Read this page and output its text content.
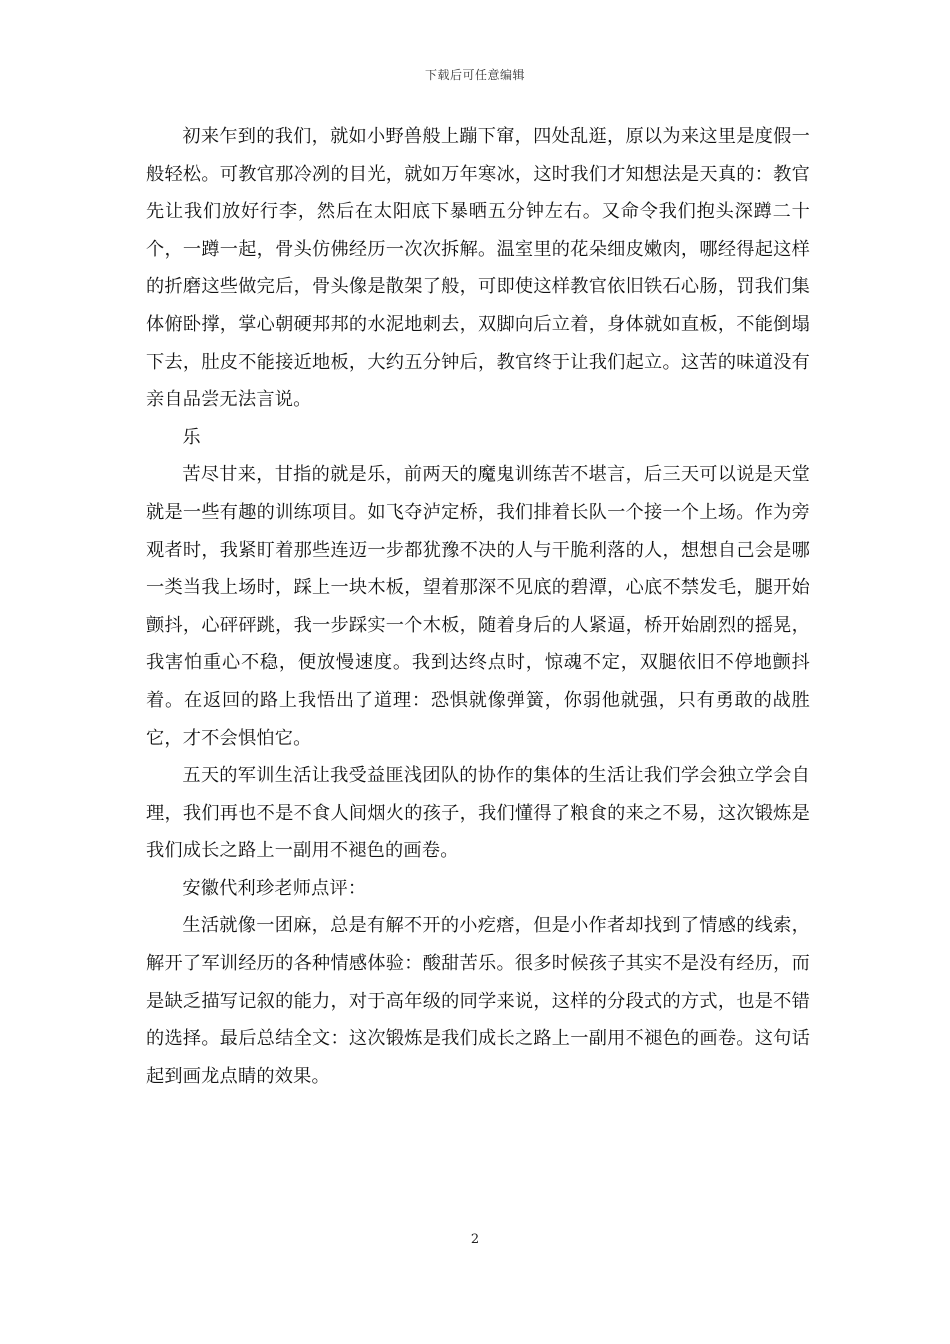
下载后可任意编辑

初来乍到的我们，就如小野兽般上蹦下窜，四处乱逛，原以为来这里是度假一般轻松。可教官那冷冽的目光，就如万年寒冰，这时我们才知想法是天真的：教官先让我们放好行李，然后在太阳底下暴晒五分钟左右。又命令我们抱头深蹲二十个，一蹲一起，骨头仿佛经历一次次拆解。温室里的花朵细皮嫩肉，哪经得起这样的折磨这些做完后，骨头像是散架了般，可即使这样教官依旧铁石心肠，罚我们集体俯卧撑，掌心朝硬邦邦的水泥地刺去，双脚向后立着，身体就如直板，不能倒塌下去，肚皮不能接近地板，大约五分钟后，教官终于让我们起立。这苦的味道没有亲自品尝无法言说。

乐

苦尽甘来，甘指的就是乐，前两天的魔鬼训练苦不堪言，后三天可以说是天堂就是一些有趣的训练项目。如飞夺泸定桥，我们排着长队一个接一个上场。作为旁观者时，我紧盯着那些连迈一步都犹豫不决的人与干脆利落的人，想想自己会是哪一类当我上场时，踩上一块木板，望着那深不见底的碧潭，心底不禁发毛，腿开始颤抖，心砰砰跳，我一步踩实一个木板，随着身后的人紧逼，桥开始剧烈的摇晃，我害怕重心不稳，便放慢速度。我到达终点时，惊魂不定，双腿依旧不停地颤抖着。在返回的路上我悟出了道理：恐惧就像弹簧，你弱他就强，只有勇敢的战胜它，才不会惧怕它。

五天的军训生活让我受益匪浅团队的协作的集体的生活让我们学会独立学会自理，我们再也不是不食人间烟火的孩子，我们懂得了粮食的来之不易，这次锻炼是我们成长之路上一副用不褪色的画卷。

安徽代利珍老师点评：

生活就像一团麻，总是有解不开的小疙瘩，但是小作者却找到了情感的线索，解开了军训经历的各种情感体验：酸甜苦乐。很多时候孩子其实不是没有经历，而是缺乏描写记叙的能力，对于高年级的同学来说，这样的分段式的方式，也是不错的选择。最后总结全文：这次锻炼是我们成长之路上一副用不褪色的画卷。这句话起到画龙点睛的效果。

2
